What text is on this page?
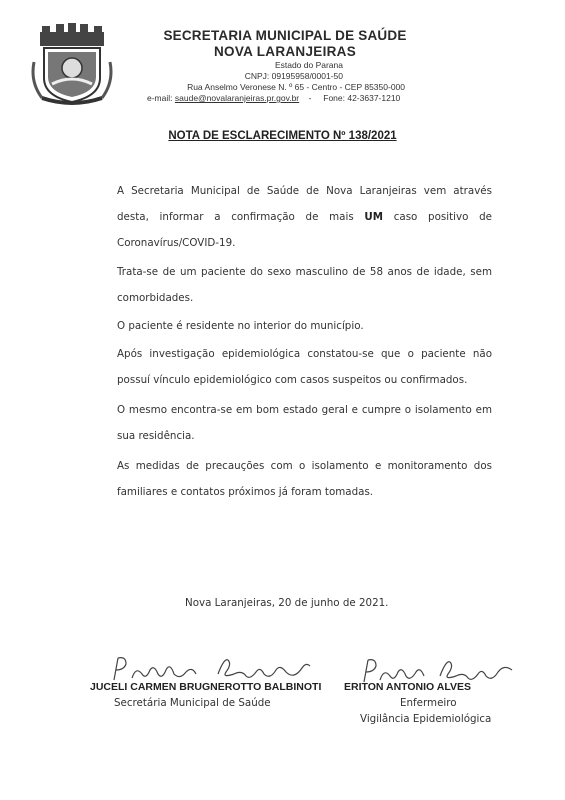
SECRETARIA MUNICIPAL DE SAÚDE
NOVA LARANJEIRAS
Estado do Parana
CNPJ: 09195958/0001-50
Rua Anselmo Veronese N. º 65 - Centro - CEP 85350-000
e-mail: saude@novalaranjeiras.pr.gov.br - Fone: 42-3637-1210
NOTA DE ESCLARECIMENTO Nº 138/2021

A Secretaria Municipal de Saúde de Nova Laranjeiras vem através desta, informar a confirmação de mais UM caso positivo de Coronavírus/COVID-19.

Trata-se de um paciente do sexo masculino de 58 anos de idade, sem comorbidades.

O paciente é residente no interior do município.

Após investigação epidemiológica constatou-se que o paciente não possuí vínculo epidemiológico com casos suspeitos ou confirmados.

O mesmo encontra-se em bom estado geral e cumpre o isolamento em sua residência.

As medidas de precauções com o isolamento e monitoramento dos familiares e contatos próximos já foram tomadas.

Nova Laranjeiras, 20 de junho de 2021.
JUCELI CARMEN BRUGNEROTTO BALBINOTI
Secretária Municipal de Saúde
ERITON ANTONIO ALVES
Enfermeiro
Vigilância Epidemiológica
